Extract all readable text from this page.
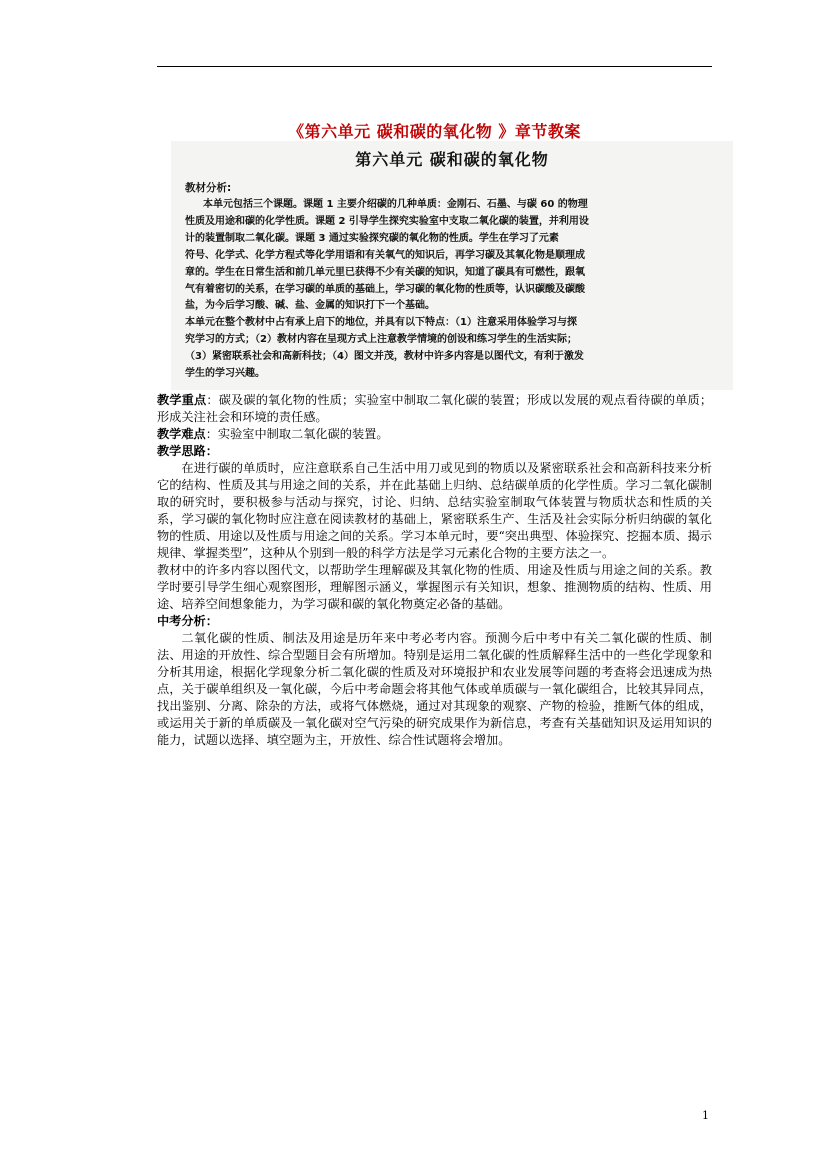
《第六单元 碳和碳的氧化物 》章节教案
第六单元 碳和碳的氧化物
教材分析:
本单元包括三个课题。课题 1 主要介绍碳的几种单质：金刚石、石墨、与碳 60 的物理
性质及用途和碳的化学性质。课题 2 引导学生探究实验室中支取二氧化碳的装置，并利用设
计的装置制取二氧化碳。课题 3 通过实验探究碳的氧化物的性质。学生在学习了元素
符号、化学式、化学方程式等化学用语和有关氧气的知识后，再学习碳及其氧化物是顺理成
章的。学生在日常生活和前几单元里已获得不少有关碳的知识，知道了碳具有可燃性，跟氧
气有着密切的关系，在学习碳的单质的基础上，学习碳的氧化物的性质等，认识碳酸及碳酸
盐，为今后学习酸、碱、盐、金属的知识打下一个基础。
本单元在整个教材中占有承上启下的地位，并具有以下特点：（1）注意采用体验学习与探
究学习的方式；（2）教材内容在呈现方式上注意教学情境的创设和练习学生的生活实际；
（3）紧密联系社会和高新科技；（4）图文并茂，教材中许多内容是以图代文，有利于激发
学生的学习兴趣。

教学重点：碳及碳的氧化物的性质；实验室中制取二氧化碳的装置；形成以发展的观点看待碳的单质；形成关注社会和环境的责任感。

教学难点：实验室中制取二氧化碳的装置。

教学思路：

在进行碳的单质时，应注意联系自己生活中用刀或见到的物质以及紧密联系社会和高新科技来分析它的结构、性质及其与用途之间的关系，并在此基础上归纳、总结碳单质的化学性质。学习二氧化碳制取的研究时，要积极参与活动与探究，讨论、归纳、总结实验室制取气体装置与物质状态和性质的关系，学习碳的氧化物时应注意在阅读教材的基础上，紧密联系生产、生活及社会实际分析归纳碳的氧化物的性质、用途以及性质与用途之间的关系。学习本单元时，要“突出典型、体验探究、挖掘本质、揭示规律、掌握类型”，这种从个别到一般的科学方法是学习元素化合物的主要方法之一。

教材中的许多内容以图代文，以帮助学生理解碳及其氧化物的性质、用途及性质与用途之间的关系。教学时要引导学生细心观察图形，理解图示涵义，掌握图示有关知识，想象、推测物质的结构、性质、用途、培养空间想象能力，为学习碳和碳的氧化物奠定必备的基础。

中考分析：

二氧化碳的性质、制法及用途是历年来中考必考内容。预测今后中考中有关二氧化碳的性质、制法、用途的开放性、综合型题目会有所增加。特别是运用二氧化碳的性质解释生活中的一些化学现象和分析其用途，根据化学现象分析二氧化碳的性质及对环境报护和农业发展等问题的考查将会迅速成为热点，关于碳单组织及一氧化碳，今后中考命题会将其他气体或单质碳与一氧化碳组合，比较其异同点，找出鉴别、分离、除杂的方法，或将气体燃烧，通过对其现象的观察、产物的检验，推断气体的组成，或运用关于新的单质碳及一氧化碳对空气污染的研究成果作为新信息，考查有关基础知识及运用知识的能力，试题以选择、填空题为主，开放性、综合性试题将会增加。

1
